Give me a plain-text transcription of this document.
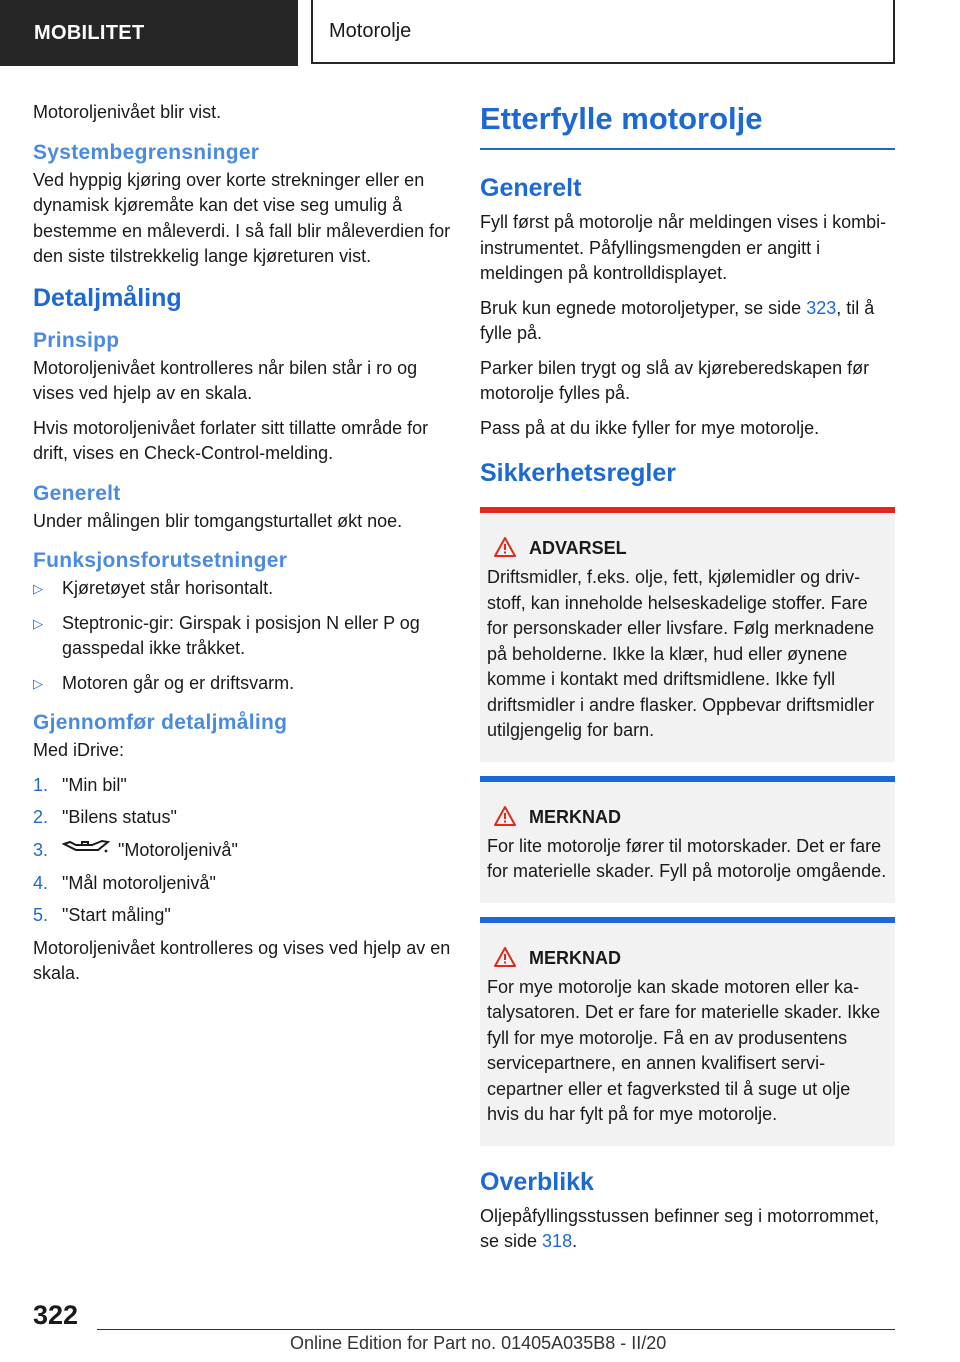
MOBILITET	Motorolje

Motoroljenivået blir vist.

Systembegrensninger

Ved hyppig kjøring over korte strekninger eller en dynamisk kjøremåte kan det vise seg umulig å bestemme en måleverdi. I så fall blir måleverdien for den siste tilstrekkelig lange kjøreturen vist.

Detaljmåling
Prinsipp

Motoroljenivået kontrolleres når bilen står i ro og vises ved hjelp av en skala.

Hvis motoroljenivået forlater sitt tillatte område for drift, vises en Check-Control-melding.

Generelt

Under målingen blir tomgangsturtallet økt noe.

Funksjonsforutsetninger
▷ Kjøretøyet står horisontalt.
▷ Steptronic-gir: Girspak i posisjon N eller P og gasspedal ikke tråkket.
▷ Motoren går og er driftsvarm.
Gjennomfør detaljmåling

Med iDrive:

1. "Min bil"
2. "Bilens status"
3.	"Motoroljenivå"
4. "Mål motoroljenivå"
5. "Start måling"

Motoroljenivået kontrolleres og vises ved hjelp av en skala.

Etterfylle motorolje
Generelt

Fyll først på motorolje når meldingen vises i kombi-instrumentet. Påfyllingsmengden er angitt i meldingen på kontrolldisplayet.

Bruk kun egnede motoroljetyper, se side 323, til å fylle på.

Parker bilen trygt og slå av kjøreberedskapen før motorolje fylles på.

Pass på at du ikke fyller for mye motorolje.

Sikkerhetsregler
ADVARSEL

Driftsmidler, f.eks. olje, fett, kjølemidler og drivstoff, kan inneholde helseskadelige stoffer. Fare for personskader eller livsfare. Følg merknadene på beholderne. Ikke la klær, hud eller øynene komme i kontakt med driftsmidlene. Ikke fyll driftsmidler i andre flasker. Oppbevar driftsmidler utilgjengelig for barn.

MERKNAD

For lite motorolje fører til motorskader. Det er fare for materielle skader. Fyll på motorolje omgående.

MERKNAD

For mye motorolje kan skade motoren eller katalysatoren. Det er fare for materielle skader. Ikke fyll for mye motorolje. Få en av produsentens servicepartnere, en annen kvalifisert servicepartner eller et fagverksted til å suge ut olje hvis du har fylt på for mye motorolje.

Overblikk

Oljepåfyllingsstussen befinner seg i motorrommet, se side 318.

322
Online Edition for Part no. 01405A035B8 - II/20
